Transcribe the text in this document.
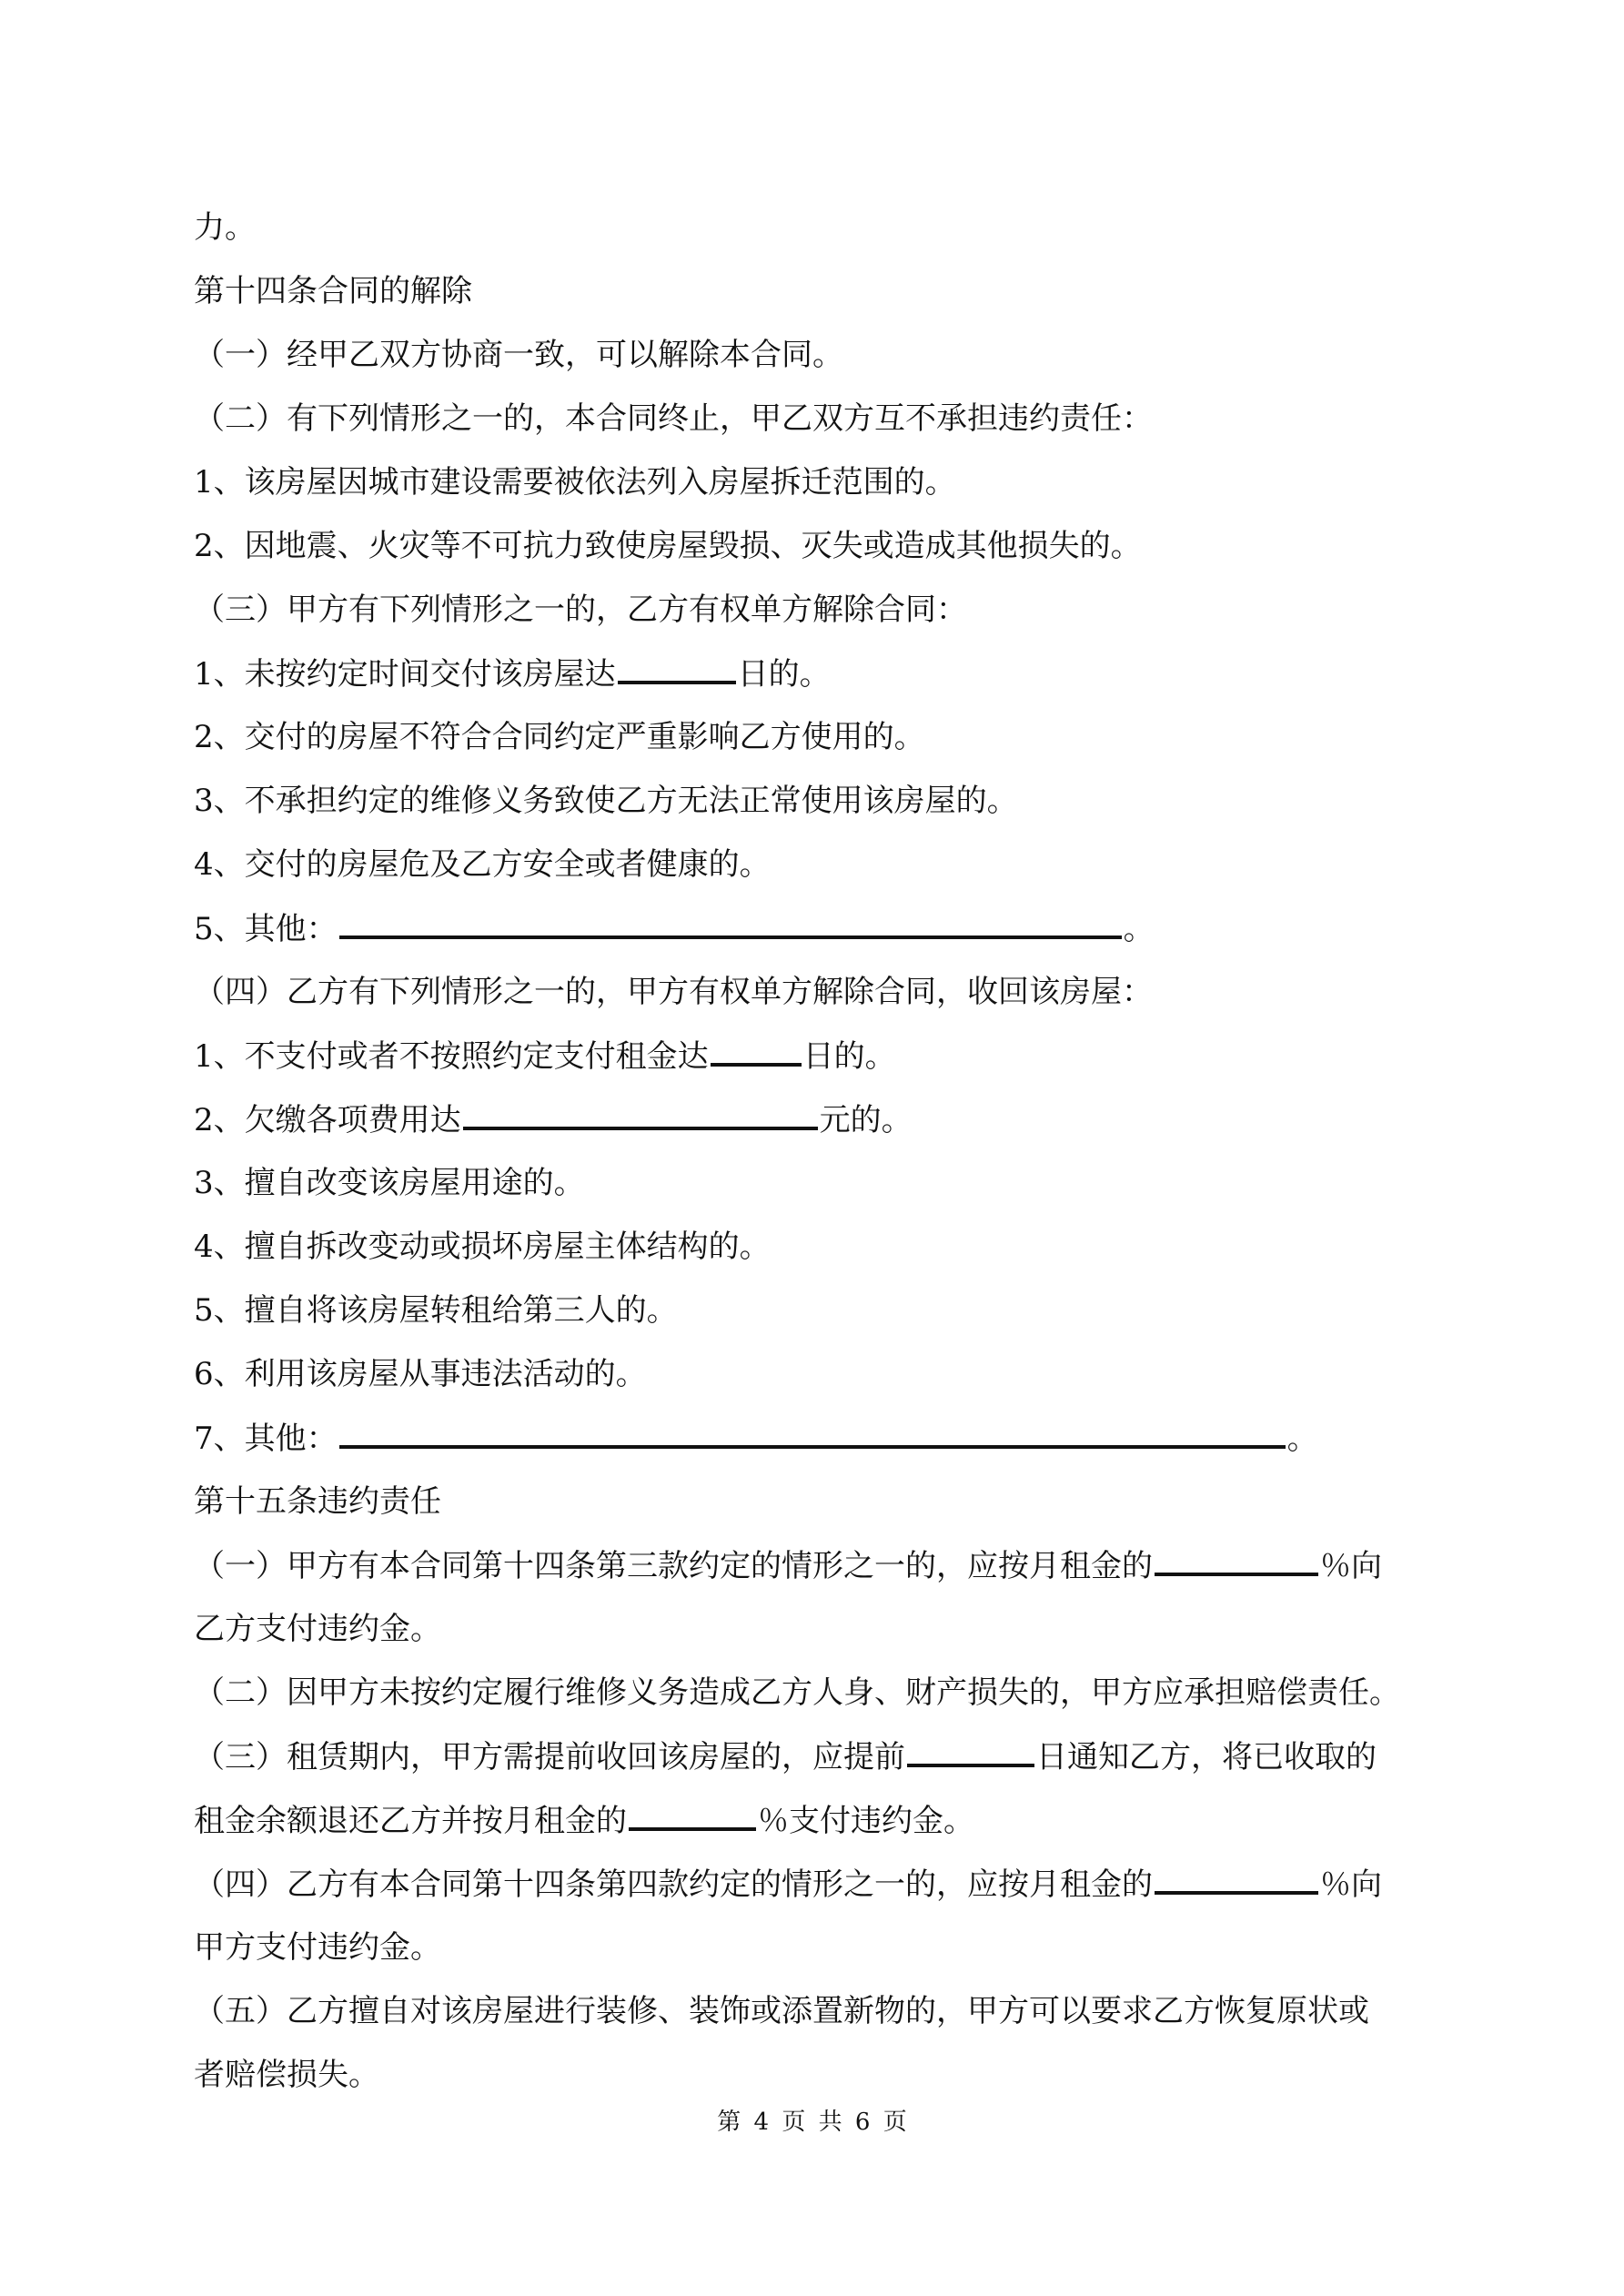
力。
第十四条合同的解除
（一）经甲乙双方协商一致，可以解除本合同。
（二）有下列情形之一的，本合同终止，甲乙双方互不承担违约责任：
1、该房屋因城市建设需要被依法列入房屋拆迁范围的。
2、因地震、火灾等不可抗力致使房屋毁损、灭失或造成其他损失的。
（三）甲方有下列情形之一的，乙方有权单方解除合同：
1、未按约定时间交付该房屋达	日的。
2、交付的房屋不符合合同约定严重影响乙方使用的。
3、不承担约定的维修义务致使乙方无法正常使用该房屋的。
4、交付的房屋危及乙方安全或者健康的。
5、其他：	。
（四）乙方有下列情形之一的，甲方有权单方解除合同，收回该房屋：
1、不支付或者不按照约定支付租金达	日的。
2、欠缴各项费用达	元的。
3、擅自改变该房屋用途的。
4、擅自拆改变动或损坏房屋主体结构的。
5、擅自将该房屋转租给第三人的。
6、利用该房屋从事违法活动的。
7、其他：	。
第十五条违约责任
（一）甲方有本合同第十四条第三款约定的情形之一的，应按月租金的	％向
乙方支付违约金。
（二）因甲方未按约定履行维修义务造成乙方人身、财产损失的，甲方应承担赔偿责任。
（三）租赁期内，甲方需提前收回该房屋的，应提前	日通知乙方，将已收取的
租金余额退还乙方并按月租金的	％支付违约金。
（四）乙方有本合同第十四条第四款约定的情形之一的，应按月租金的	％向
甲方支付违约金。
（五）乙方擅自对该房屋进行装修、装饰或添置新物的，甲方可以要求乙方恢复原状或
者赔偿损失。
第 4 页 共 6 页
